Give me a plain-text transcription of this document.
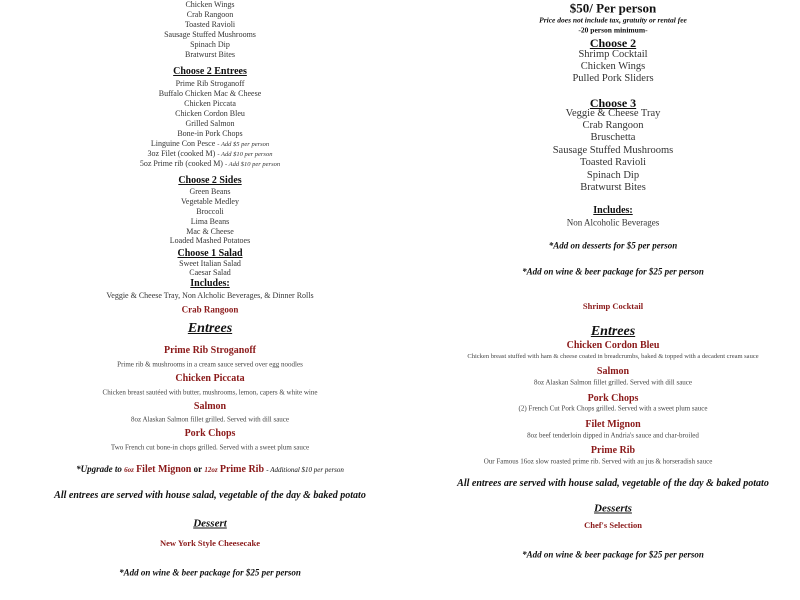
Chicken Wings
Crab Rangoon
Toasted Ravioli
Sausage Stuffed Mushrooms
Spinach Dip
Bratwurst Bites
Choose 2 Entrees
Prime Rib Stroganoff
Buffalo Chicken Mac & Cheese
Chicken Piccata
Chicken Cordon Bleu
Grilled Salmon
Bone-in Pork Chops
Linguine Con Pesce - Add $5 per person
3oz Filet (cooked M) - Add $10 per person
5oz Prime rib (cooked M) - Add $10 per person
Choose 2 Sides
Green Beans
Vegetable Medley
Broccoli
Lima Beans
Mac & Cheese
Loaded Mashed Potatoes
Choose 1 Salad
Sweet Italian Salad
Caesar Salad
Includes:
Veggie & Cheese Tray, Non Alcholic Beverages, & Dinner Rolls
Crab Rangoon
Entrees
Prime Rib Stroganoff
Prime rib & mushrooms in a cream sauce served over egg noodles
Chicken Piccata
Chicken breast sautéed with butter, mushrooms, lemon, capers & white wine
Salmon
8oz Alaskan Salmon fillet grilled. Served with dill sauce
Pork Chops
Two French cut bone-in chops grilled. Served with a sweet plum sauce
*Upgrade to 6oz Filet Mignon or 12oz Prime Rib - Additional $10 per person
All entrees are served with house salad, vegetable of the day & baked potato
Dessert
New York Style Cheesecake
*Add on wine & beer package for $25 per person
$50/ Per person
Price does not include tax, gratuity or rental fee
-20 person minimum-
Choose 2
Shrimp Cocktail
Chicken Wings
Pulled Pork Sliders
Choose 3
Veggie & Cheese Tray
Crab Rangoon
Bruschetta
Sausage Stuffed Mushrooms
Toasted Ravioli
Spinach Dip
Bratwurst Bites
Includes:
Non Alcoholic Beverages
*Add on desserts for $5 per person
*Add on wine & beer package for $25 per person
Shrimp Cocktail
Entrees
Chicken Cordon Bleu
Chicken breast stuffed with ham & cheese coated in breadcrumbs, baked & topped with a decadent cream sauce
Salmon
8oz Alaskan Salmon fillet grilled. Served with dill sauce
Pork Chops
(2) French Cut Pork Chops grilled. Served with a sweet plum sauce
Filet Mignon
8oz beef tenderloin dipped in Andria's sauce and char-broiled
Prime Rib
Our Famous 16oz slow roasted prime rib. Served with au jus & horseradish sauce
All entrees are served with house salad, vegetable of the day & baked potato
Desserts
Chef's Selection
*Add on wine & beer package for $25 per person
